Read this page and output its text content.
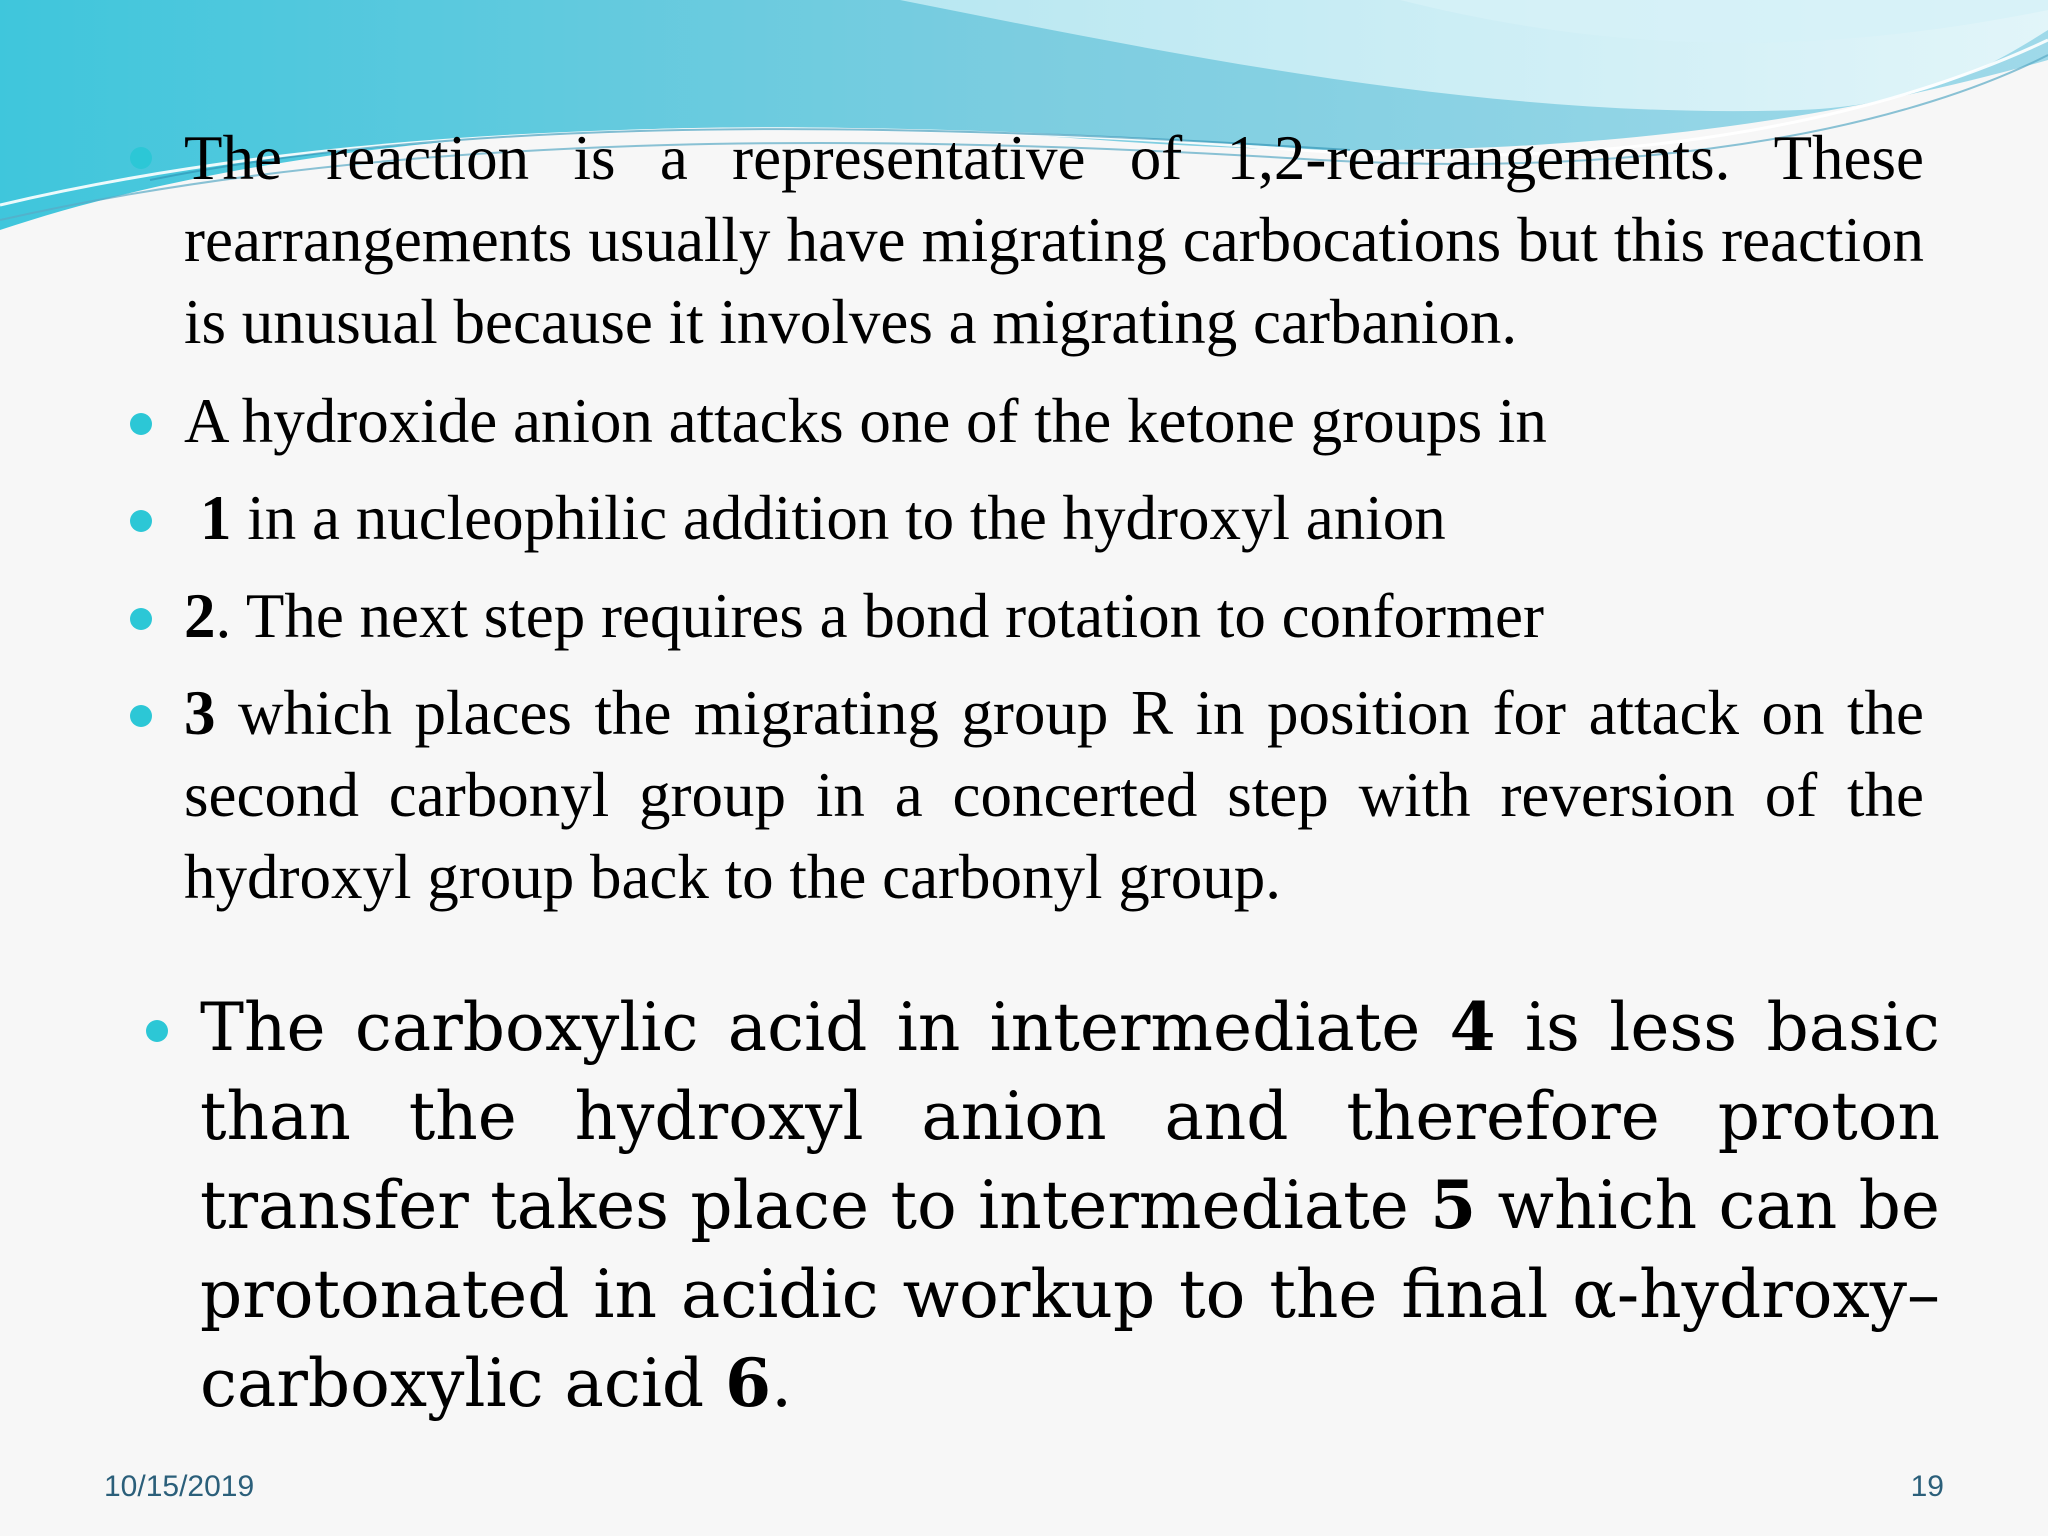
The reaction is a representative of 1,2-rearrangements. These rearrangements usually have migrating carbocations but this reaction is unusual because it involves a migrating carbanion.
A hydroxide anion attacks one of the ketone groups in
1 in a nucleophilic addition to the hydroxyl anion
2. The next step requires a bond rotation to conformer
3 which places the migrating group R in position for attack on the second carbonyl group in a concerted step with reversion of the hydroxyl group back to the carbonyl group.
The carboxylic acid in intermediate 4 is less basic than the hydroxyl anion and therefore proton transfer takes place to intermediate 5 which can be protonated in acidic workup to the final α-hydroxy–carboxylic acid 6.
10/15/2019	19
